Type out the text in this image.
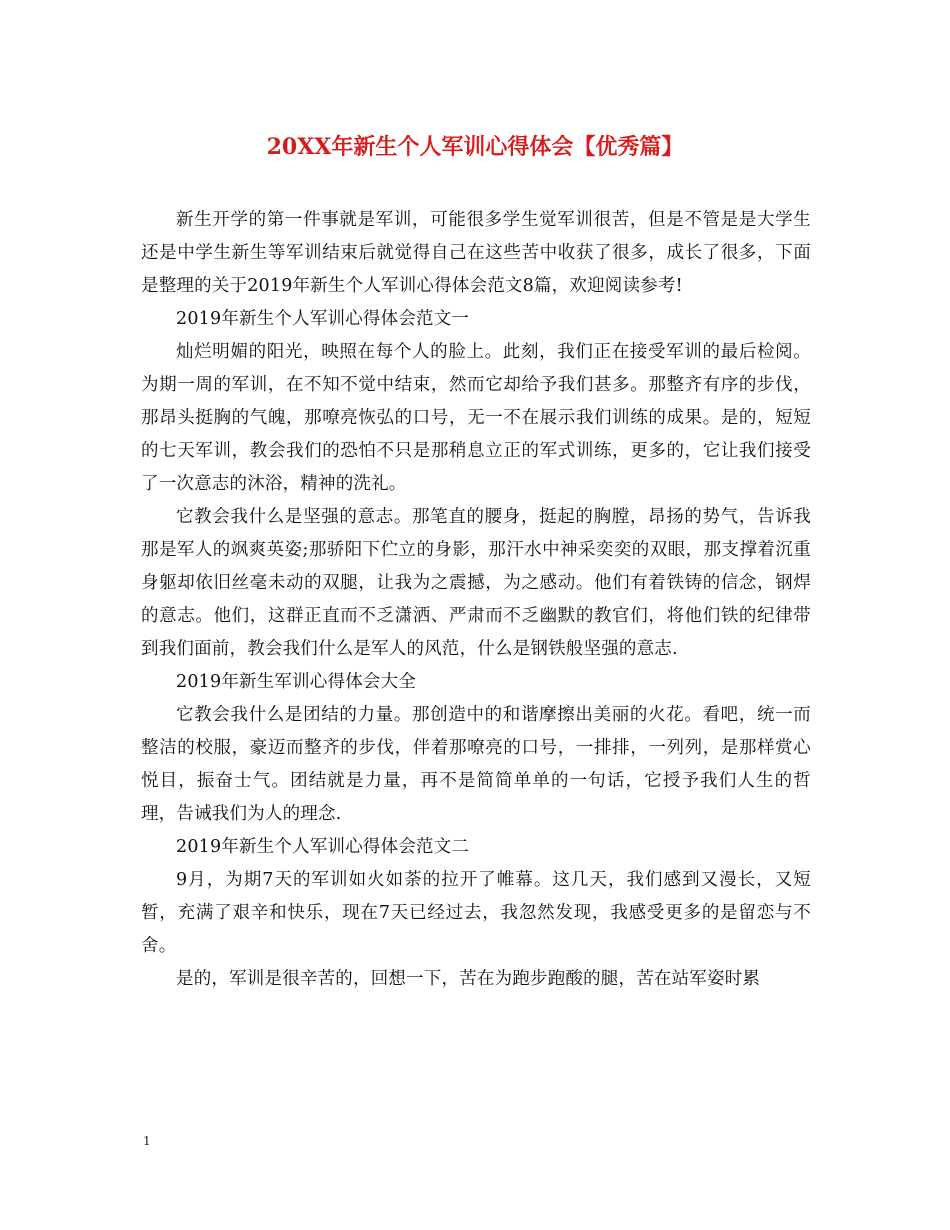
20XX年新生个人军训心得体会【优秀篇】

新生开学的第一件事就是军训，可能很多学生觉军训很苦，但是不管是是大学生还是中学生新生等军训结束后就觉得自己在这些苦中收获了很多，成长了很多，下面是整理的关于2019年新生个人军训心得体会范文8篇，欢迎阅读参考!

2019年新生个人军训心得体会范文一

灿烂明媚的阳光，映照在每个人的脸上。此刻，我们正在接受军训的最后检阅。为期一周的军训，在不知不觉中结束，然而它却给予我们甚多。那整齐有序的步伐，那昂头挺胸的气魄，那嘹亮恢弘的口号，无一不在展示我们训练的成果。是的，短短的七天军训，教会我们的恐怕不只是那稍息立正的军式训练，更多的，它让我们接受了一次意志的沐浴，精神的洗礼。

它教会我什么是坚强的意志。那笔直的腰身，挺起的胸膛，昂扬的势气，告诉我那是军人的飒爽英姿;那骄阳下伫立的身影，那汗水中神采奕奕的双眼，那支撑着沉重身躯却依旧丝毫未动的双腿，让我为之震撼，为之感动。他们有着铁铸的信念，钢焊的意志。他们，这群正直而不乏潇洒、严肃而不乏幽默的教官们，将他们铁的纪律带到我们面前，教会我们什么是军人的风范，什么是钢铁般坚强的意志.

2019年新生军训心得体会大全

它教会我什么是团结的力量。那创造中的和谐摩擦出美丽的火花。看吧，统一而整洁的校服，豪迈而整齐的步伐，伴着那嘹亮的口号，一排排，一列列，是那样赏心悦目，振奋士气。团结就是力量，再不是简简单单的一句话，它授予我们人生的哲理，告诫我们为人的理念.

2019年新生个人军训心得体会范文二

9月，为期7天的军训如火如荼的拉开了帷幕。这几天，我们感到又漫长，又短暂，充满了艰辛和快乐，现在7天已经过去，我忽然发现，我感受更多的是留恋与不舍。

是的，军训是很辛苦的，回想一下，苦在为跑步跑酸的腿，苦在站军姿时累

1
